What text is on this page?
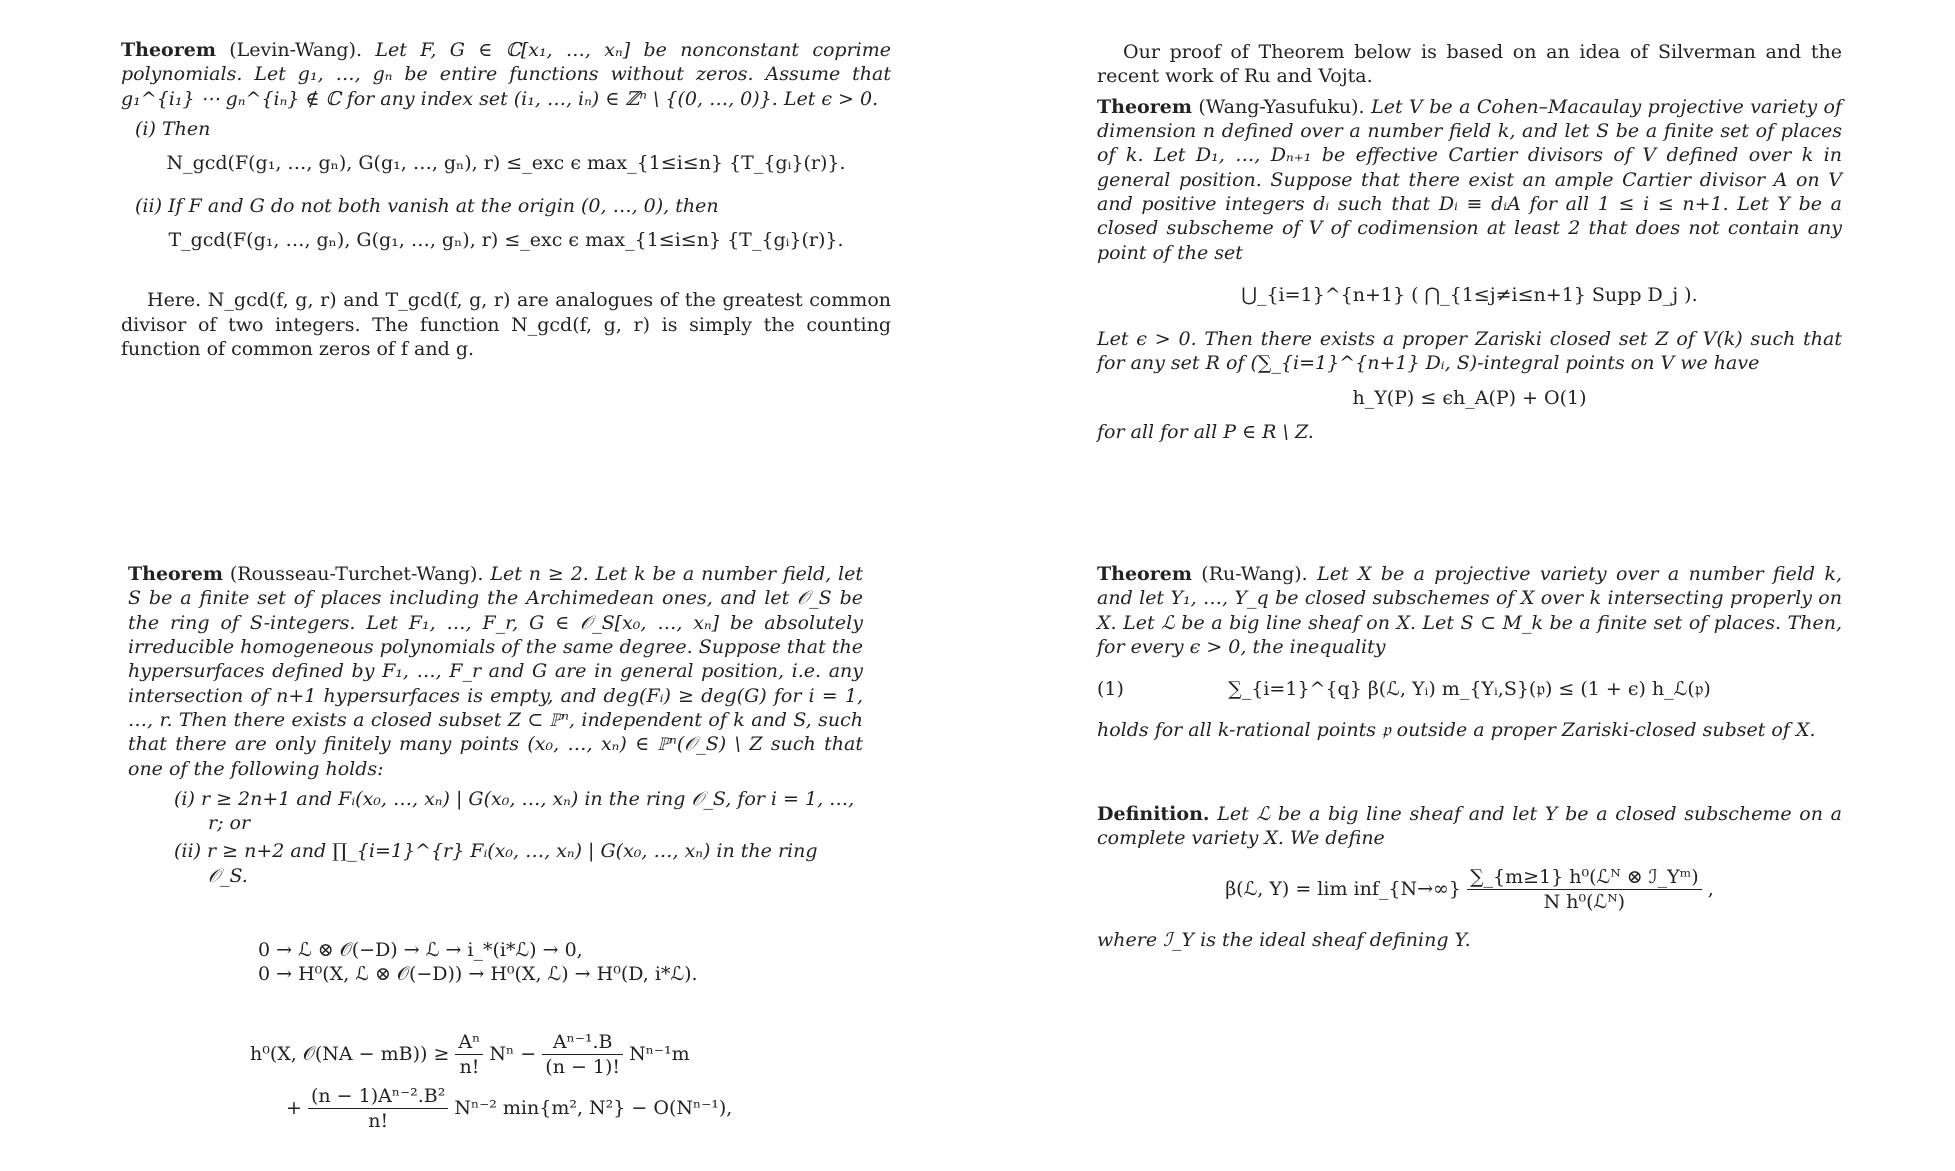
Theorem (Levin-Wang). Let F, G ∈ ℂ[x₁, …, xₙ] be nonconstant coprime polynomials. Let g₁, …, gₙ be entire functions without zeros. Assume that g₁^{i₁} ⋯ gₙ^{iₙ} ∉ ℂ for any index set (i₁, …, iₙ) ∈ ℤⁿ \ {(0, …, 0)}. Let ϵ > 0.

(i) Then
N_gcd(F(g₁, …, gₙ), G(g₁, …, gₙ), r) ≤_exc ϵ max_{1≤i≤n} {T_{gᵢ}(r)}.
(ii) If F and G do not both vanish at the origin (0, …, 0), then
T_gcd(F(g₁, …, gₙ), G(g₁, …, gₙ), r) ≤_exc ϵ max_{1≤i≤n} {T_{gᵢ}(r)}.

Here. N_gcd(f, g, r) and T_gcd(f, g, r) are analogues of the greatest common divisor of two integers. The function N_gcd(f, g, r) is simply the counting function of common zeros of f and g.

Our proof of Theorem below is based on an idea of Silverman and the recent work of Ru and Vojta.

Theorem (Wang-Yasufuku). Let V be a Cohen–Macaulay projective variety of dimension n defined over a number field k, and let S be a finite set of places of k. Let D₁, …, Dₙ₊₁ be effective Cartier divisors of V defined over k in general position. Suppose that there exist an ample Cartier divisor A on V and positive integers dᵢ such that Dᵢ ≡ dᵢA for all 1 ≤ i ≤ n+1. Let Y be a closed subscheme of V of codimension at least 2 that does not contain any point of the set

⋃_{i=1}^{n+1} ( ⋂_{1≤j≠i≤n+1} Supp D_j ).

Let ϵ > 0. Then there exists a proper Zariski closed set Z of V(k) such that for any set R of (∑_{i=1}^{n+1} Dᵢ, S)-integral points on V we have

h_Y(P) ≤ ϵh_A(P) + O(1)

for all for all P ∈ R \ Z.

Theorem (Rousseau-Turchet-Wang). Let n ≥ 2. Let k be a number field, let S be a finite set of places including the Archimedean ones, and let 𝒪_S be the ring of S-integers. Let F₁, …, F_r, G ∈ 𝒪_S[x₀, …, xₙ] be absolutely irreducible homogeneous polynomials of the same degree. Suppose that the hypersurfaces defined by F₁, …, F_r and G are in general position, i.e. any intersection of n+1 hypersurfaces is empty, and deg(Fᵢ) ≥ deg(G) for i = 1, …, r. Then there exists a closed subset Z ⊂ ℙⁿ, independent of k and S, such that there are only finitely many points (x₀, …, xₙ) ∈ ℙⁿ(𝒪_S) \ Z such that one of the following holds:

(i) r ≥ 2n+1 and Fᵢ(x₀, …, xₙ) | G(x₀, …, xₙ) in the ring 𝒪_S, for i = 1, …, r; or
(ii) r ≥ n+2 and ∏_{i=1}^{r} Fᵢ(x₀, …, xₙ) | G(x₀, …, xₙ) in the ring 𝒪_S.
0 → ℒ ⊗ 𝒪(−D) → ℒ → i_*(i*ℒ) → 0,
0 → H⁰(X, ℒ ⊗ 𝒪(−D)) → H⁰(X, ℒ) → H⁰(D, i*ℒ).
h⁰(X, 𝒪(NA − $mB)) \ge \frac{\text{Aⁿ}}{n!}$ $N^n - \frac{\text{Aⁿ⁻¹.B}}{(n - 1)!} N^{n-1}m$
+ $\frac{\text{(n − 1)Aⁿ⁻².B²}}{n!} N^{n-2}$ min{m², N²} − O(Nⁿ⁻¹),

Theorem (Ru-Wang). Let X be a projective variety over a number field k, and let Y₁, …, Y_q be closed subschemes of X over k intersecting properly on X. Let ℒ be a big line sheaf on X. Let S ⊂ M_k be a finite set of places. Then, for every ϵ > 0, the inequality

(1)	∑_{i=1}^{q} β(ℒ, Yᵢ) m_{Yᵢ,S}(𝔭) ≤ (1 + ϵ) h_ℒ(𝔭)

holds for all k-rational points 𝔭 outside a proper Zariski-closed subset of X.

Definition. Let ℒ be a big line sheaf and let Y be a closed subscheme on a complete variety X. We define

β(ℒ, Y) = lim inf_{N→∞} $\frac{\text{∑\_\{m≥1\} h⁰(ℒᴺ ⊗ ℐ\_Yᵐ)}}{\text{N h⁰(ℒᴺ)}}$ ,

where ℐ_Y is the ideal sheaf defining Y.
